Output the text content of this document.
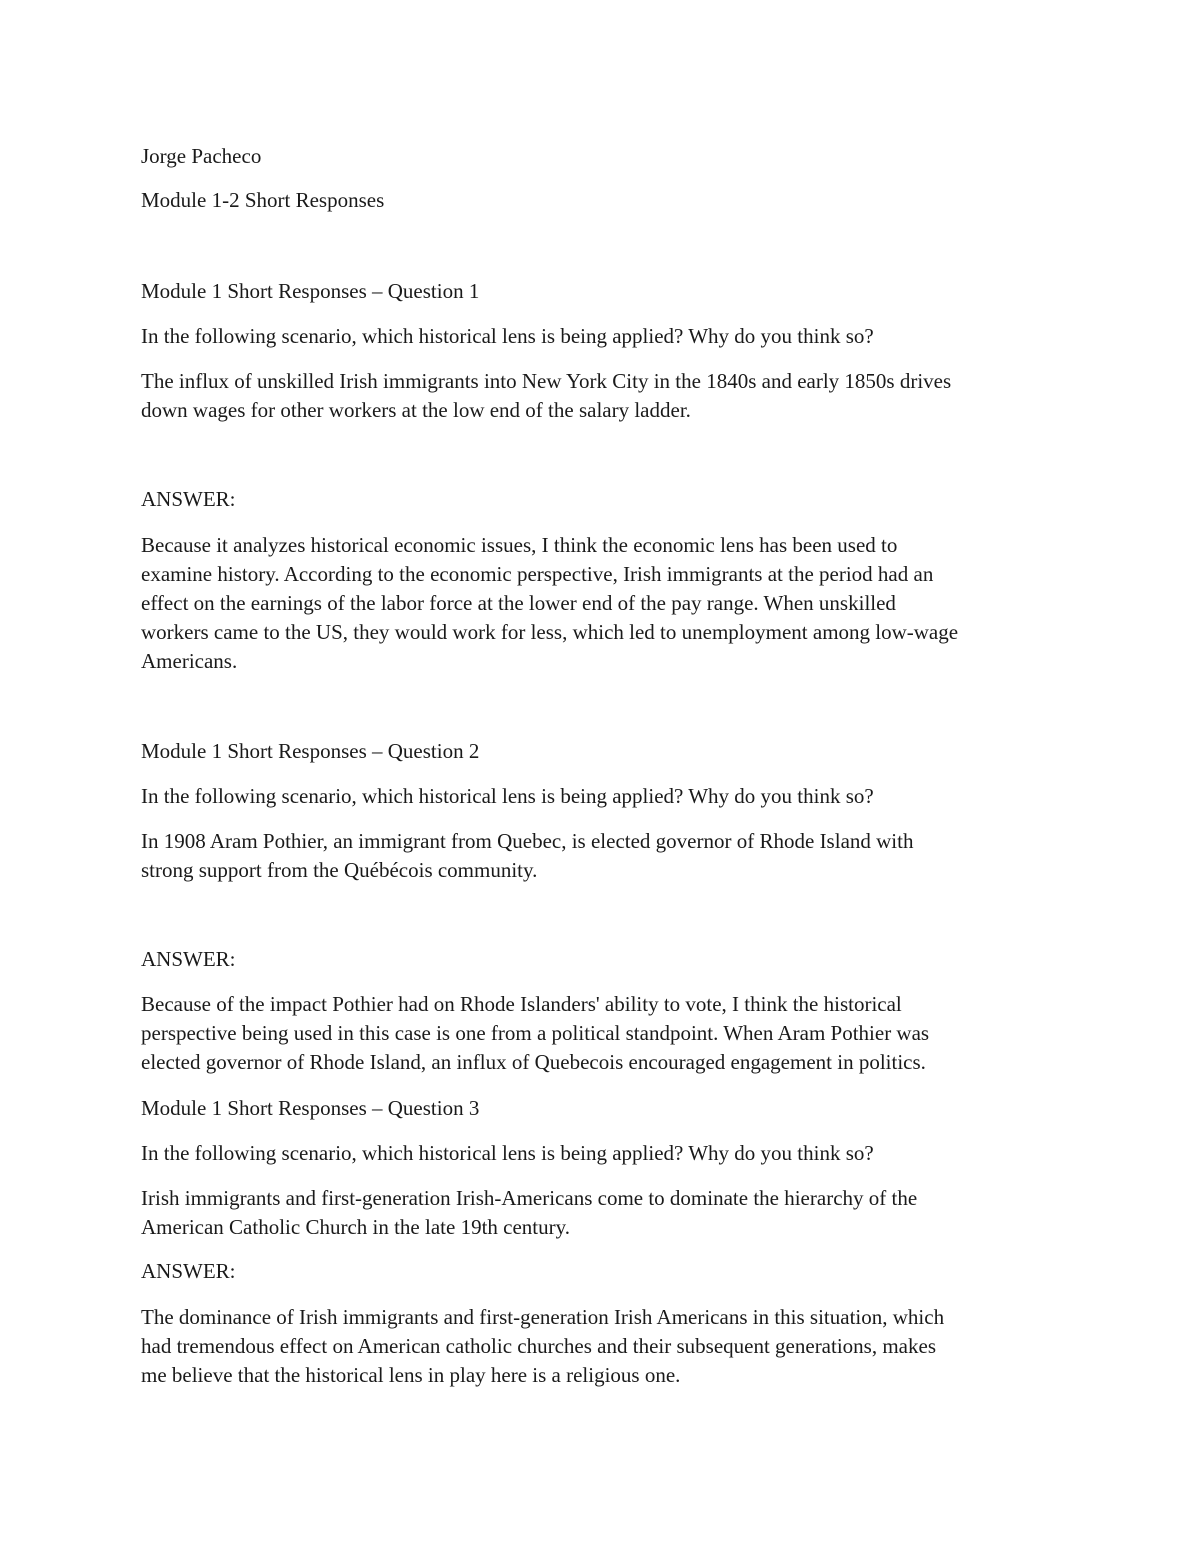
Jorge Pacheco

Module 1-2 Short Responses

Module 1 Short Responses – Question 1

In the following scenario, which historical lens is being applied? Why do you think so?

The influx of unskilled Irish immigrants into New York City in the 1840s and early 1850s drives

down wages for other workers at the low end of the salary ladder.

ANSWER:

Because it analyzes historical economic issues, I think the economic lens has been used to

examine history. According to the economic perspective, Irish immigrants at the period had an

effect on the earnings of the labor force at the lower end of the pay range. When unskilled

workers came to the US, they would work for less, which led to unemployment among low-wage

Americans.

Module 1 Short Responses – Question 2

In the following scenario, which historical lens is being applied? Why do you think so?

In 1908 Aram Pothier, an immigrant from Quebec, is elected governor of Rhode Island with

strong support from the Québécois community.

ANSWER:

Because of the impact Pothier had on Rhode Islanders' ability to vote, I think the historical

perspective being used in this case is one from a political standpoint. When Aram Pothier was

elected governor of Rhode Island, an influx of Quebecois encouraged engagement in politics.

Module 1 Short Responses – Question 3

In the following scenario, which historical lens is being applied? Why do you think so?

Irish immigrants and first-generation Irish-Americans come to dominate the hierarchy of the

American Catholic Church in the late 19th century.

ANSWER:

The dominance of Irish immigrants and first-generation Irish Americans in this situation, which

had tremendous effect on American catholic churches and their subsequent generations, makes

me believe that the historical lens in play here is a religious one.
